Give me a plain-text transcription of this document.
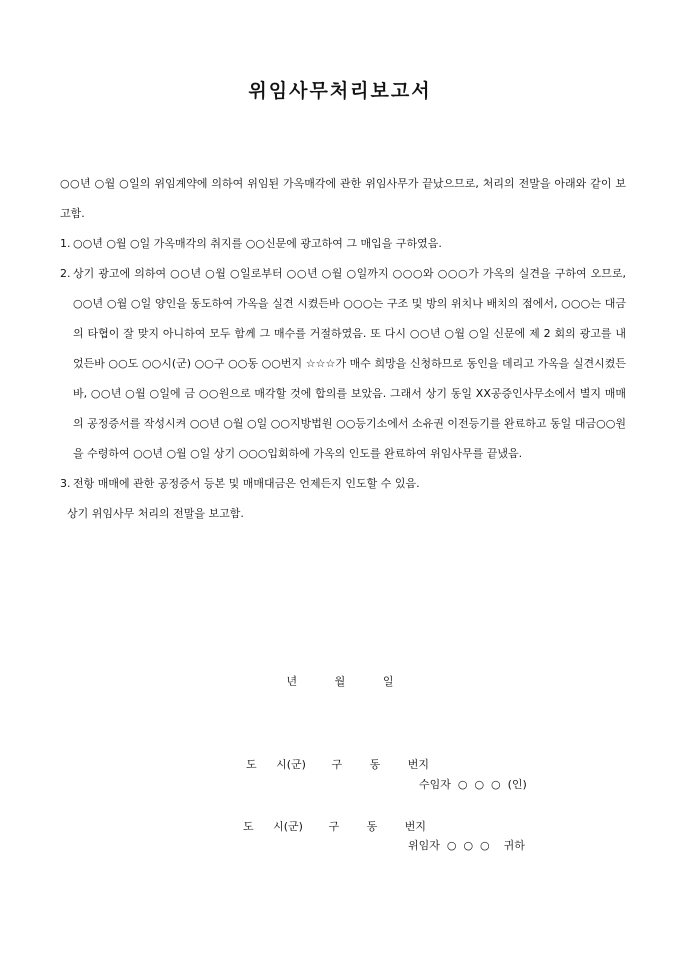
위임사무처리보고서
○○년 ○월 ○일의 위임계약에 의하여 위임된 가옥매각에 관한 위임사무가 끝났으므로, 처리의 전말을 아래와 같이 보고함.
1. ○○년 ○월 ○일 가옥매각의 취지를 ○○신문에 광고하여 그 매입을 구하였음.
2. 상기 광고에 의하여 ○○년 ○월 ○일로부터 ○○년 ○월 ○일까지 ○○○와 ○○○가 가옥의 실견을 구하여 오므로, ○○년 ○월 ○일 양인을 동도하여 가옥을 실견 시켰든바 ○○○는 구조 및 방의 위치나 배치의 점에서, ○○○는 대금의 타협이 잘 맞지 아니하여 모두 함께 그 매수를 거절하였음. 또 다시 ○○년 ○월 ○일 신문에 제 2 회의 광고를 내었든바 ○○도 ○○시(군) ○○구 ○○동 ○○번지 ☆☆☆가 매수 희망을 신청하므로 동인을 데리고 가옥을 실견시켰든 바, ○○년 ○월 ○일에 금 ○○원으로 매각할 것에 합의를 보았음. 그래서 상기 동일 XX공증인사무소에서 별지 매매의 공정증서를 작성시켜 ○○년 ○월 ○일 ○○지방법원 ○○등기소에서 소유권 이전등기를 완료하고 동일 대금○○원을 수령하여 ○○년 ○월 ○일 상기 ○○○입회하에 가옥의 인도를 완료하여 위임사무를 끝냈음.
3. 전항 매매에 관한 공정증서 등본 및 매매대금은 언제든지 인도할 수 있음.
상기 위임사무 처리의 전말을 보고함.
년	월	일
도 시(군) 구	동	번지
수임자  ○  ○  ○  (인)
도 시(군) 구	동	번지
위임자  ○  ○  ○    귀하
